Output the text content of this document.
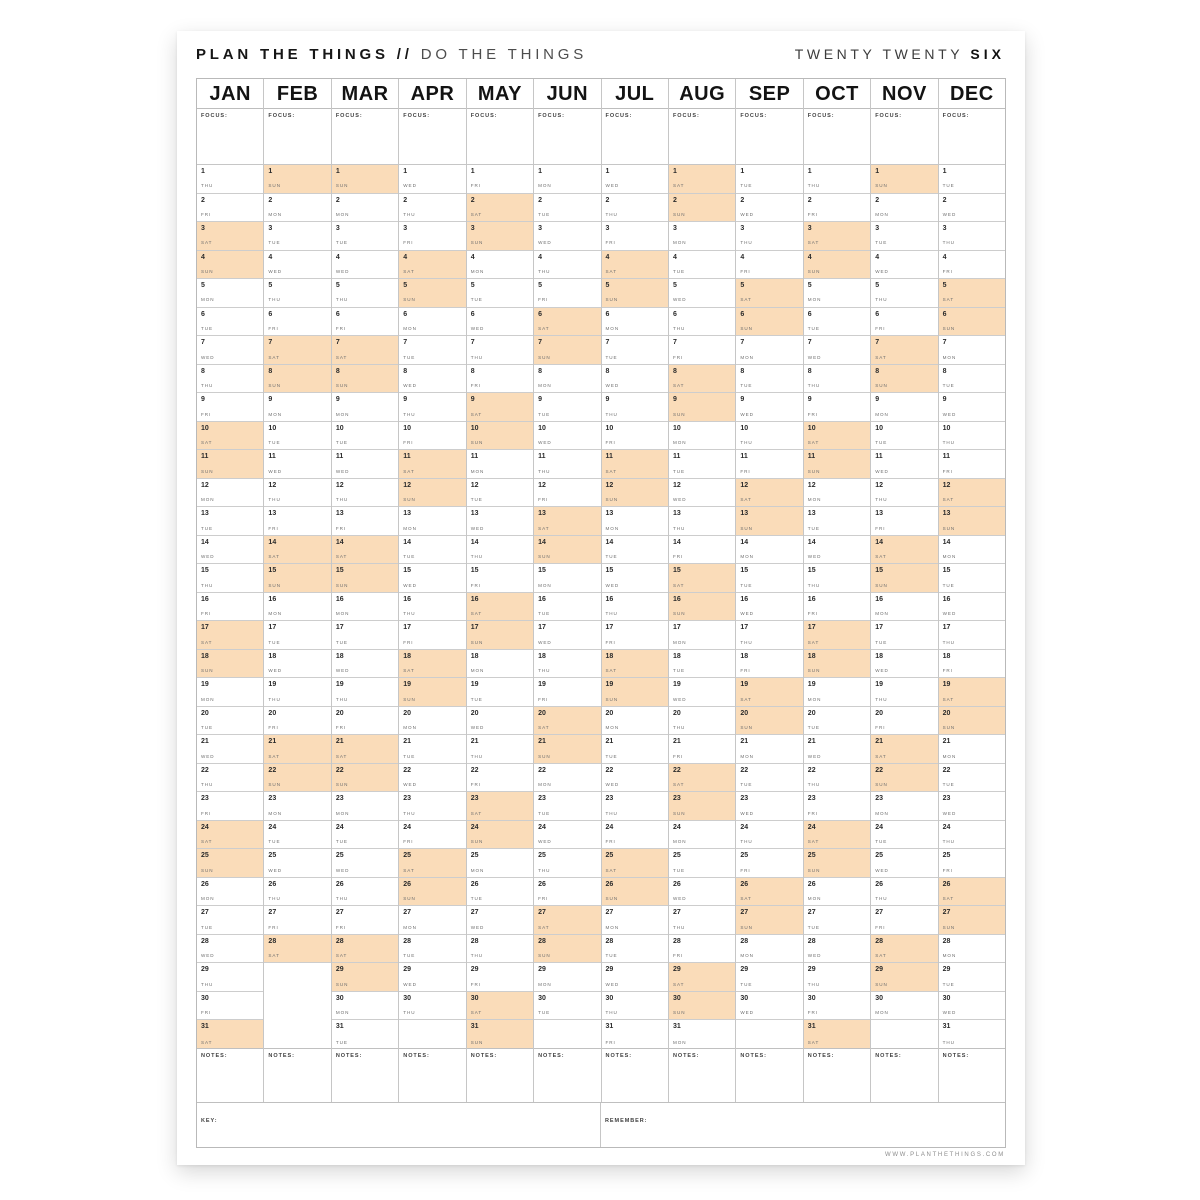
PLAN THE THINGS // DO THE THINGS	TWENTY TWENTY SIX
JAN
FOCUS:
1
THU
2
FRI
3
SAT
4
SUN
5
MON
6
TUE
7
WED
8
THU
9
FRI
10
SAT
11
SUN
12
MON
13
TUE
14
WED
15
THU
16
FRI
17
SAT
18
SUN
19
MON
20
TUE
21
WED
22
THU
23
FRI
24
SAT
25
SUN
26
MON
27
TUE
28
WED
29
THU
30
FRI
31
SAT
NOTES:
FEB
FOCUS:
1
SUN
2
MON
3
TUE
4
WED
5
THU
6
FRI
7
SAT
8
SUN
9
MON
10
TUE
11
WED
12
THU
13
FRI
14
SAT
15
SUN
16
MON
17
TUE
18
WED
19
THU
20
FRI
21
SAT
22
SUN
23
MON
24
TUE
25
WED
26
THU
27
FRI
28
SAT
NOTES:
MAR
FOCUS:
1
SUN
2
MON
3
TUE
4
WED
5
THU
6
FRI
7
SAT
8
SUN
9
MON
10
TUE
11
WED
12
THU
13
FRI
14
SAT
15
SUN
16
MON
17
TUE
18
WED
19
THU
20
FRI
21
SAT
22
SUN
23
MON
24
TUE
25
WED
26
THU
27
FRI
28
SAT
29
SUN
30
MON
31
TUE
NOTES:
APR
FOCUS:
1
WED
2
THU
3
FRI
4
SAT
5
SUN
6
MON
7
TUE
8
WED
9
THU
10
FRI
11
SAT
12
SUN
13
MON
14
TUE
15
WED
16
THU
17
FRI
18
SAT
19
SUN
20
MON
21
TUE
22
WED
23
THU
24
FRI
25
SAT
26
SUN
27
MON
28
TUE
29
WED
30
THU
NOTES:
MAY
FOCUS:
1
FRI
2
SAT
3
SUN
4
MON
5
TUE
6
WED
7
THU
8
FRI
9
SAT
10
SUN
11
MON
12
TUE
13
WED
14
THU
15
FRI
16
SAT
17
SUN
18
MON
19
TUE
20
WED
21
THU
22
FRI
23
SAT
24
SUN
25
MON
26
TUE
27
WED
28
THU
29
FRI
30
SAT
31
SUN
NOTES:
JUN
FOCUS:
1
MON
2
TUE
3
WED
4
THU
5
FRI
6
SAT
7
SUN
8
MON
9
TUE
10
WED
11
THU
12
FRI
13
SAT
14
SUN
15
MON
16
TUE
17
WED
18
THU
19
FRI
20
SAT
21
SUN
22
MON
23
TUE
24
WED
25
THU
26
FRI
27
SAT
28
SUN
29
MON
30
TUE
NOTES:
JUL
FOCUS:
1
WED
2
THU
3
FRI
4
SAT
5
SUN
6
MON
7
TUE
8
WED
9
THU
10
FRI
11
SAT
12
SUN
13
MON
14
TUE
15
WED
16
THU
17
FRI
18
SAT
19
SUN
20
MON
21
TUE
22
WED
23
THU
24
FRI
25
SAT
26
SUN
27
MON
28
TUE
29
WED
30
THU
31
FRI
NOTES:
AUG
FOCUS:
1
SAT
2
SUN
3
MON
4
TUE
5
WED
6
THU
7
FRI
8
SAT
9
SUN
10
MON
11
TUE
12
WED
13
THU
14
FRI
15
SAT
16
SUN
17
MON
18
TUE
19
WED
20
THU
21
FRI
22
SAT
23
SUN
24
MON
25
TUE
26
WED
27
THU
28
FRI
29
SAT
30
SUN
31
MON
NOTES:
SEP
FOCUS:
1
TUE
2
WED
3
THU
4
FRI
5
SAT
6
SUN
7
MON
8
TUE
9
WED
10
THU
11
FRI
12
SAT
13
SUN
14
MON
15
TUE
16
WED
17
THU
18
FRI
19
SAT
20
SUN
21
MON
22
TUE
23
WED
24
THU
25
FRI
26
SAT
27
SUN
28
MON
29
TUE
30
WED
NOTES:
OCT
FOCUS:
1
THU
2
FRI
3
SAT
4
SUN
5
MON
6
TUE
7
WED
8
THU
9
FRI
10
SAT
11
SUN
12
MON
13
TUE
14
WED
15
THU
16
FRI
17
SAT
18
SUN
19
MON
20
TUE
21
WED
22
THU
23
FRI
24
SAT
25
SUN
26
MON
27
TUE
28
WED
29
THU
30
FRI
31
SAT
NOTES:
NOV
FOCUS:
1
SUN
2
MON
3
TUE
4
WED
5
THU
6
FRI
7
SAT
8
SUN
9
MON
10
TUE
11
WED
12
THU
13
FRI
14
SAT
15
SUN
16
MON
17
TUE
18
WED
19
THU
20
FRI
21
SAT
22
SUN
23
MON
24
TUE
25
WED
26
THU
27
FRI
28
SAT
29
SUN
30
MON
NOTES:
DEC
FOCUS:
1
TUE
2
WED
3
THU
4
FRI
5
SAT
6
SUN
7
MON
8
TUE
9
WED
10
THU
11
FRI
12
SAT
13
SUN
14
MON
15
TUE
16
WED
17
THU
18
FRI
19
SAT
20
SUN
21
MON
22
TUE
23
WED
24
THU
25
FRI
26
SAT
27
SUN
28
MON
29
TUE
30
WED
31
THU
NOTES:
KEY:	REMEMBER:
WWW.PLANTHETHINGS.COM
